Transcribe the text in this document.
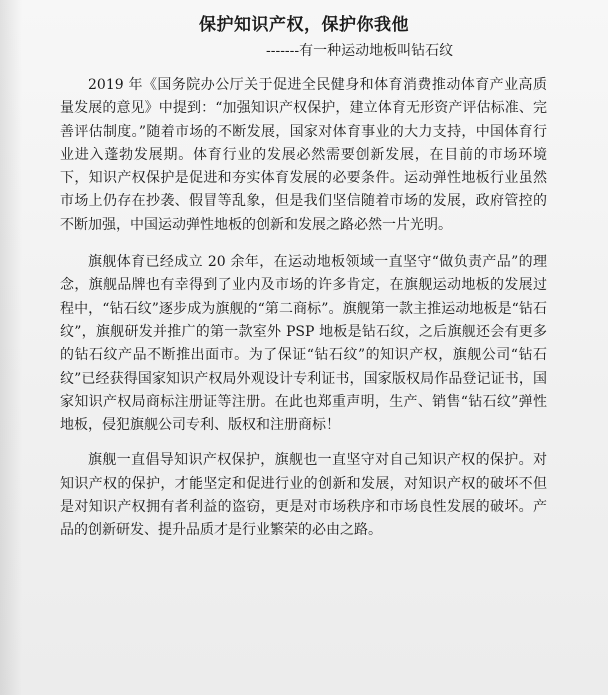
保护知识产权，保护你我他
-------有一种运动地板叫钻石纹

2019 年《国务院办公厅关于促进全民健身和体育消费推动体育产业高质量发展的意见》中提到：“加强知识产权保护，建立体育无形资产评估标准、完善评估制度。”随着市场的不断发展，国家对体育事业的大力支持，中国体育行业进入蓬勃发展期。体育行业的发展必然需要创新发展，在目前的市场环境下，知识产权保护是促进和夯实体育发展的必要条件。运动弹性地板行业虽然市场上仍存在抄袭、假冒等乱象，但是我们坚信随着市场的发展，政府管控的不断加强，中国运动弹性地板的创新和发展之路必然一片光明。

旗舰体育已经成立 20 余年，在运动地板领域一直坚守“做负责产品”的理念，旗舰品牌也有幸得到了业内及市场的许多肯定，在旗舰运动地板的发展过程中，“钻石纹”逐步成为旗舰的“第二商标”。旗舰第一款主推运动地板是“钻石纹”，旗舰研发并推广的第一款室外 PSP 地板是钻石纹，之后旗舰还会有更多的钻石纹产品不断推出面市。为了保证“钻石纹”的知识产权，旗舰公司“钻石纹”已经获得国家知识产权局外观设计专利证书，国家版权局作品登记证书，国家知识产权局商标注册证等注册。在此也郑重声明，生产、销售“钻石纹”弹性地板，侵犯旗舰公司专利、版权和注册商标！

旗舰一直倡导知识产权保护，旗舰也一直坚守对自己知识产权的保护。对知识产权的保护，才能坚定和促进行业的创新和发展，对知识产权的破坏不但是对知识产权拥有者利益的盗窃，更是对市场秩序和市场良性发展的破坏。产品的创新研发、提升品质才是行业繁荣的必由之路。
